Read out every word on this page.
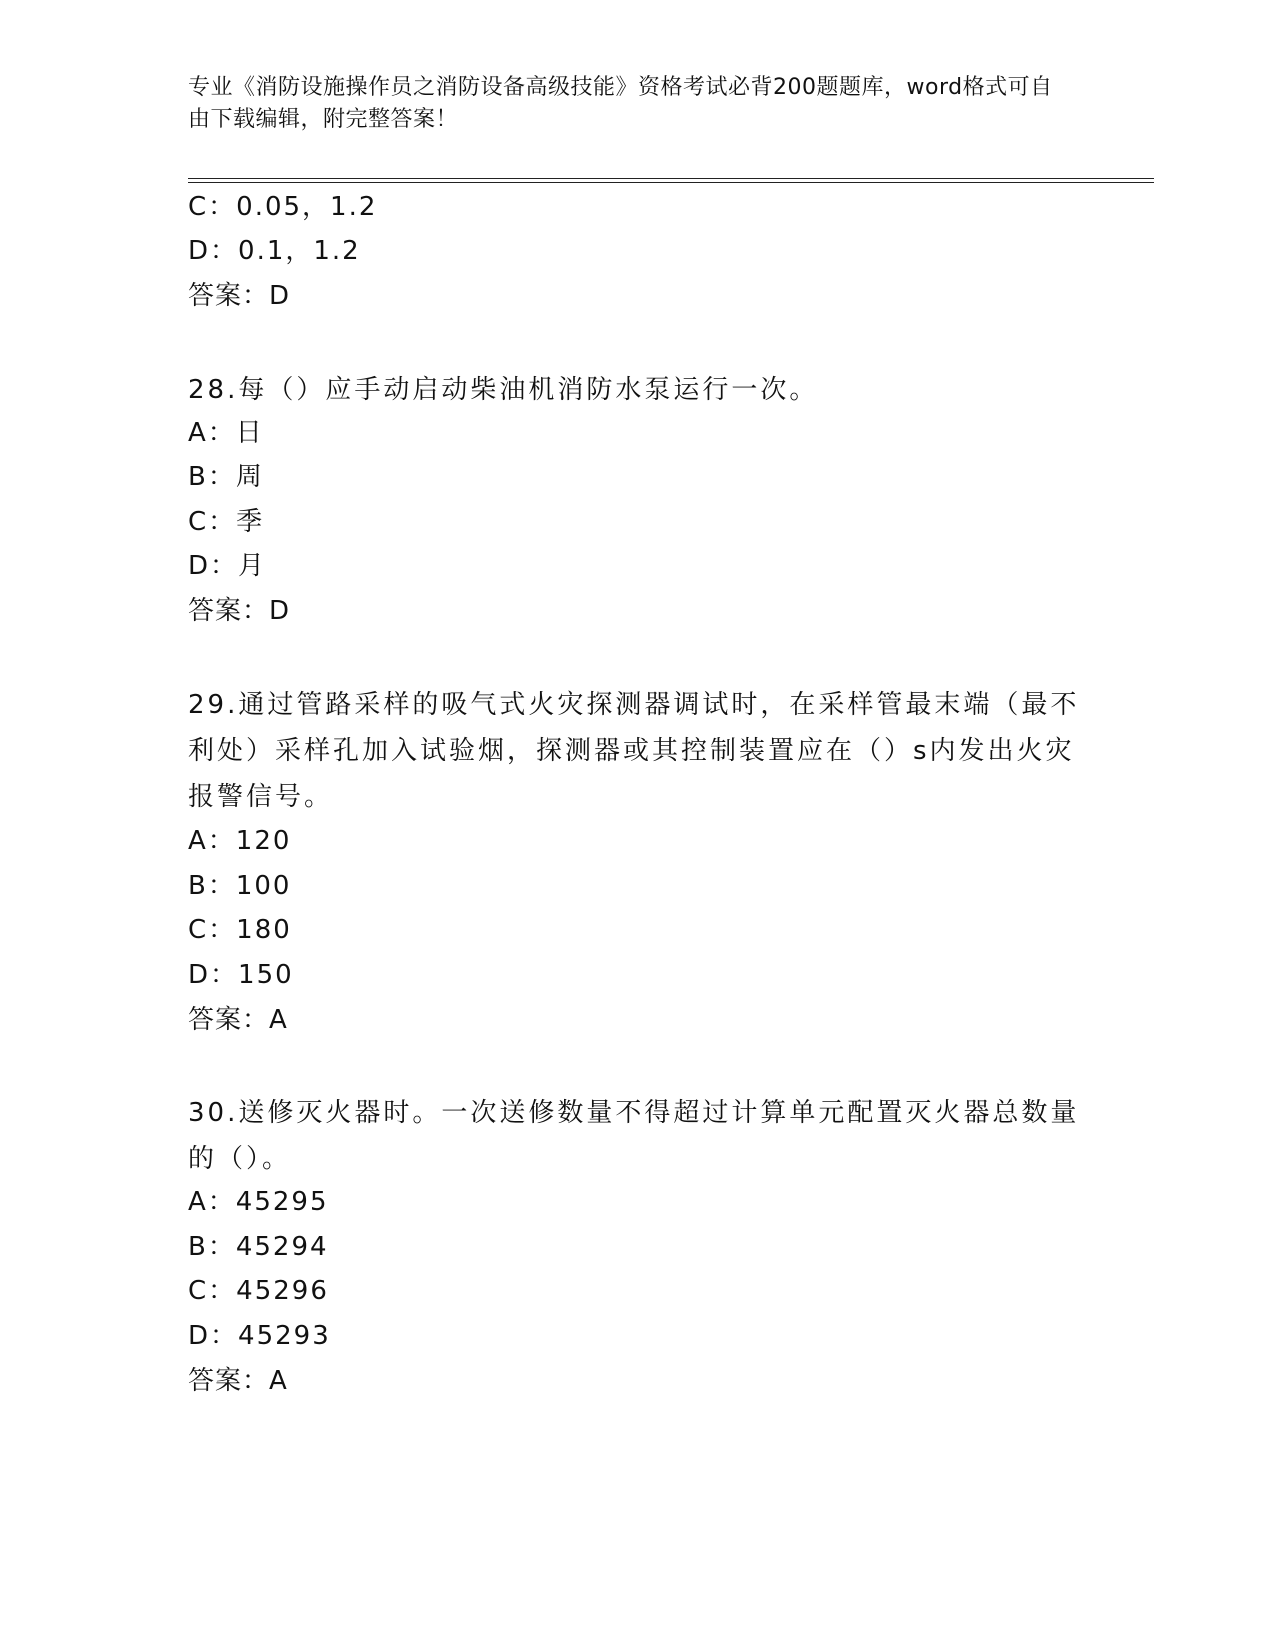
专业《消防设施操作员之消防设备高级技能》资格考试必背200题题库，word格式可自由下载编辑，附完整答案！
C：0.05，1.2
D：0.1，1.2
答案：D
28.每（）应手动启动柴油机消防水泵运行一次。
A：日
B：周
C：季
D：月
答案：D
29.通过管路采样的吸气式火灾探测器调试时，在采样管最末端（最不利处）采样孔加入试验烟，探测器或其控制装置应在（）s内发出火灾报警信号。
A：120
B：100
C：180
D：150
答案：A
30.送修灭火器时。一次送修数量不得超过计算单元配置灭火器总数量的（）。
A：45295
B：45294
C：45296
D：45293
答案：A
